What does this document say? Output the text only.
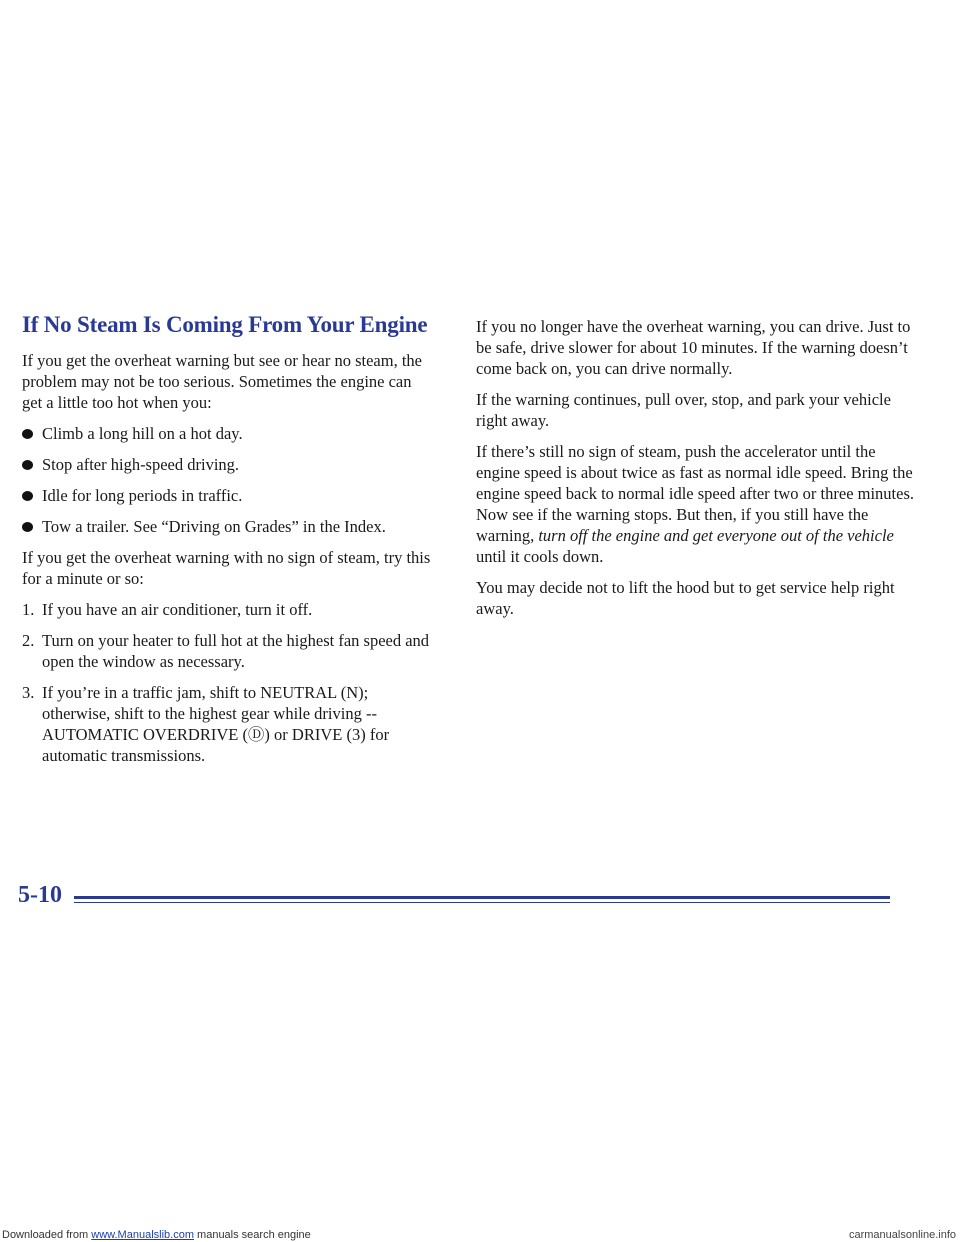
If No Steam Is Coming From Your Engine

If you get the overheat warning but see or hear no steam, the problem may not be too serious. Sometimes the engine can get a little too hot when you:

Climb a long hill on a hot day.
Stop after high-speed driving.
Idle for long periods in traffic.
Tow a trailer. See “Driving on Grades” in the Index.

If you get the overheat warning with no sign of steam, try this for a minute or so:

1. If you have an air conditioner, turn it off.
2. Turn on your heater to full hot at the highest fan speed and open the window as necessary.
3. If you’re in a traffic jam, shift to NEUTRAL (N); otherwise, shift to the highest gear while driving -- AUTOMATIC OVERDRIVE (Ⓓ) or DRIVE (3) for automatic transmissions.

If you no longer have the overheat warning, you can drive. Just to be safe, drive slower for about 10 minutes. If the warning doesn’t come back on, you can drive normally.

If the warning continues, pull over, stop, and park your vehicle right away.

If there’s still no sign of steam, push the accelerator until the engine speed is about twice as fast as normal idle speed. Bring the engine speed back to normal idle speed after two or three minutes. Now see if the warning stops. But then, if you still have the warning, turn off the engine and get everyone out of the vehicle until it cools down.

You may decide not to lift the hood but to get service help right away.

5-10
Downloaded from www.Manualslib.com manuals search engine	carmanualsonline.info
